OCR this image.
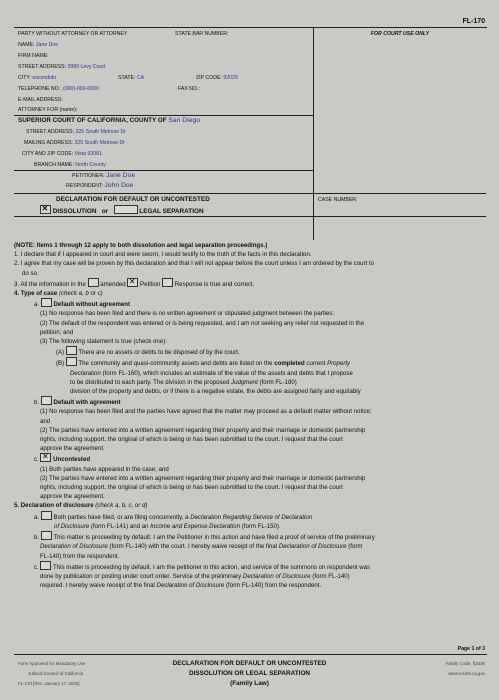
FL-170
PARTY WITHOUT ATTORNEY OR ATTORNEY	STATE BAR NUMBER:
NAME: Jane Doe
FIRM NAME:
STREET ADDRESS: 3989 Levy Court
CITY: escondido	STATE: CA	ZIP CODE: 92029
TELEPHONE NO.: (000)-000-0000	FAX NO.:
E-MAIL ADDRESS:
ATTORNEY FOR (name):
SUPERIOR COURT OF CALIFORNIA, COUNTY OF San Diego
STREET ADDRESS: 325 South Melrose Dr
MAILING ADDRESS: 325 South Melrose Dr
CITY AND ZIP CODE: Vista 92081
BRANCH NAME: North County
PETITIONER: Jane Doe
RESPONDENT: John Doe
FOR COURT USE ONLY
DECLARATION FOR DEFAULT OR UNCONTESTED
✕ DISSOLUTION or	LEGAL SEPARATION
CASE NUMBER:

(NOTE: Items 1 through 12 apply to both dissolution and legal separation proceedings.)

1. I declare that if I appeared in court and were sworn, I would testify to the truth of the facts in this declaration.

2. I agree that my case will be proven by this declaration and that I will not appear before the court unless I am ordered by the court to

do so.

3. All the information in the amended ✕ Petition Response is true and correct.

4. Type of case (check a, b or c)

a. Default without agreement

(1) No response has been filed and there is no written agreement or stipulated judgment between the parties;

(2) The default of the respondent was entered or is being requested, and I am not seeking any relief not requested in the

petition; and

(3) The following statement is true (check one):

(A) There are no assets or debts to be disposed of by the court.

(B) The community and quasi-community assets and debts are listed on the completed current Property

Declaration (form FL-160), which includes an estimate of the value of the assets and debts that I propose

to be distributed to each party. The division in the proposed Judgment (form FL-180)

division of the property and debts, or if there is a negative estate, the debts are assigned fairly and equitably

b. Default with agreement

(1) No response has been filed and the parties have agreed that the matter may proceed as a default matter without notice;

and

(2) The parties have entered into a written agreement regarding their property and their marriage or domestic partnership

rights, including support, the original of which is being or has been submitted to the court. I request that the court

approve the agreement.

c. ✕ Uncontested

(1) Both parties have appeared in the case; and

(2) The parties have entered into a written agreement regarding their property and their marriage or domestic partnership

rights, including support, the original of which is being or has been submitted to the court. I request that the court

approve the agreement.

5. Declaration of disclosure (check a, b, c, or d)

a. Both parties have filed, or are filing concurrently, a Declaration Regarding Service of Declaration

of Disclosure (form FL-141) and an Income and Expense Declaration (form FL-150).

b. This matter is proceeding by default. I am the Petitioner in this action and have filed a proof of service of the preliminary

Declaration of Disclosure (form FL-140) with the court. I hereby waive receipt of the final Declaration of Disclosure (form

FL-140) from the respondent.

c. This matter is proceeding by default. I am the petitioner in this action, and service of the summons on respondent was

done by publication or posting under court order. Service of the preliminary Declaration of Disclosure (form FL-140)

required. I hereby waive receipt of the final Declaration of Disclosure (form FL-140) from the respondent.

Page 1 of 3
Form Approved for Mandatory Use
Judicial Council of California
FL-170 [Rev. January 17, 2025]
DECLARATION FOR DEFAULT OR UNCONTESTED
DISSOLUTION OR LEGAL SEPARATION
(Family Law)
Family Code, §2336
www.courts.ca.gov
